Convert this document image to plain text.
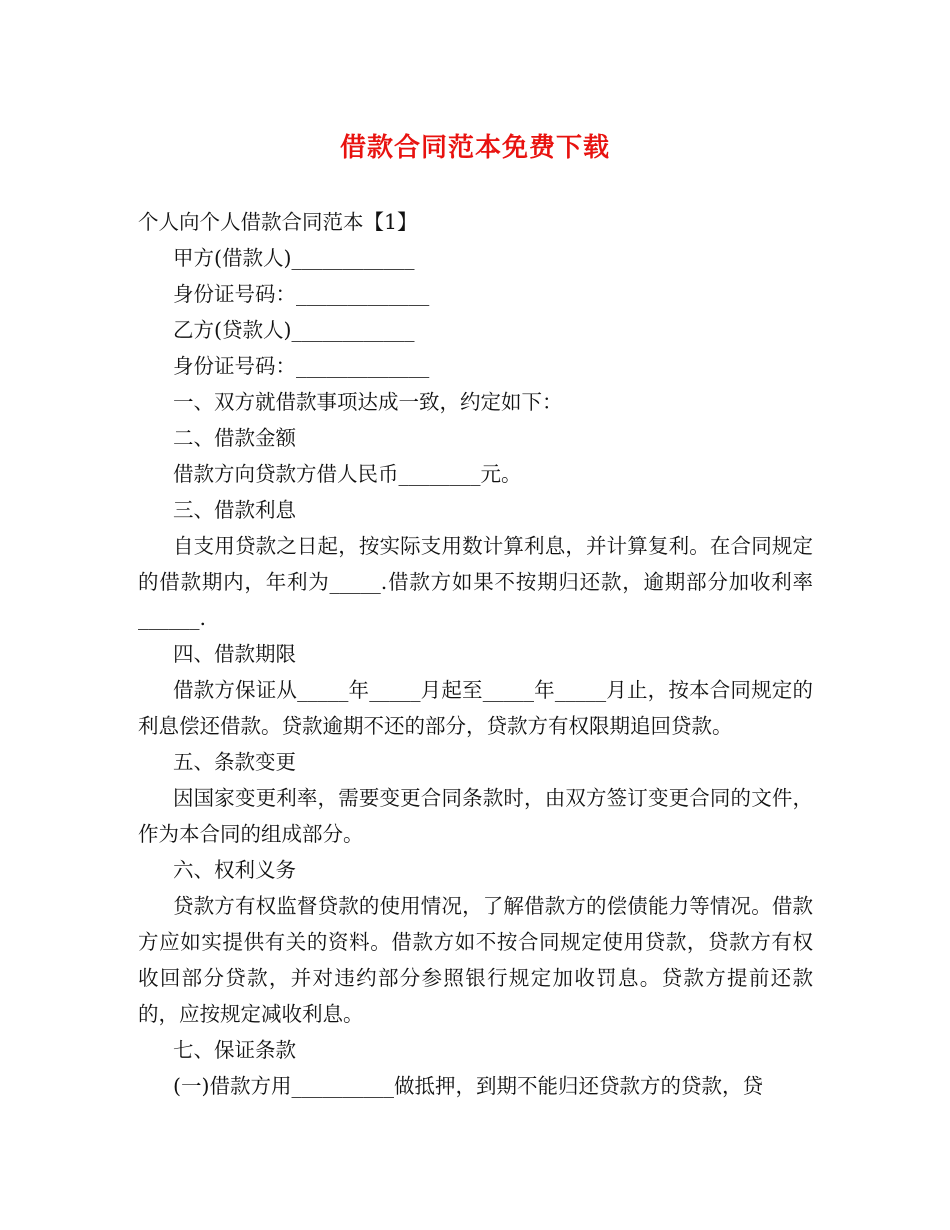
借款合同范本免费下载

个人向个人借款合同范本【1】

甲方(借款人)____________

身份证号码：_____________

乙方(贷款人)____________

身份证号码：_____________

一、双方就借款事项达成一致，约定如下：

二、借款金额

借款方向贷款方借人民币________元。

三、借款利息

自支用贷款之日起，按实际支用数计算利息，并计算复利。在合同规定的借款期内，年利为_____.借款方如果不按期归还款，逾期部分加收利率______.

四、借款期限

借款方保证从_____年_____月起至_____年_____月止，按本合同规定的利息偿还借款。贷款逾期不还的部分，贷款方有权限期追回贷款。

五、条款变更

因国家变更利率，需要变更合同条款时，由双方签订变更合同的文件，作为本合同的组成部分。

六、权利义务

贷款方有权监督贷款的使用情况，了解借款方的偿债能力等情况。借款方应如实提供有关的资料。借款方如不按合同规定使用贷款，贷款方有权收回部分贷款，并对违约部分参照银行规定加收罚息。贷款方提前还款的，应按规定减收利息。

七、保证条款

(一)借款方用__________做抵押，到期不能归还贷款方的贷款，贷
